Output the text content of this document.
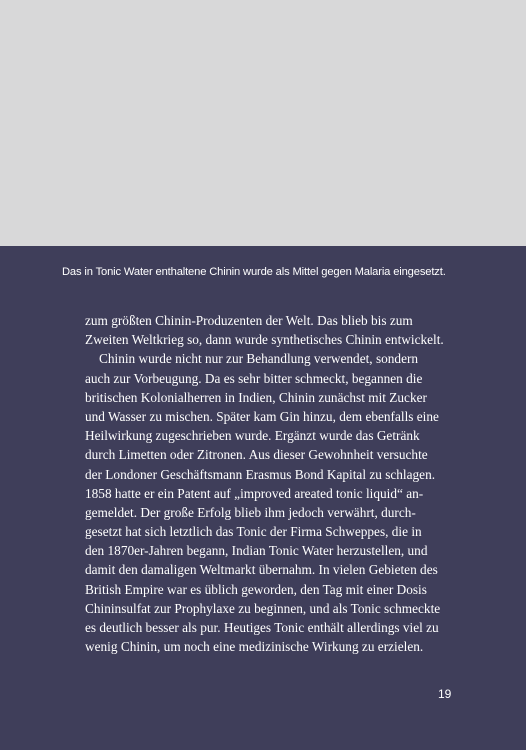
Das in Tonic Water enthaltene Chinin wurde als Mittel gegen Malaria eingesetzt.
zum größten Chinin-Produzenten der Welt. Das blieb bis zum
Zweiten Weltkrieg so, dann wurde synthetisches Chinin entwickelt.
Chinin wurde nicht nur zur Behandlung verwendet, sondern
auch zur Vorbeugung. Da es sehr bitter schmeckt, begannen die
britischen Kolonialherren in Indien, Chinin zunächst mit Zucker
und Wasser zu mischen. Später kam Gin hinzu, dem ebenfalls eine
Heilwirkung zugeschrieben wurde. Ergänzt wurde das Getränk
durch Limetten oder Zitronen. Aus dieser Gewohnheit versuchte
der Londoner Geschäftsmann Erasmus Bond Kapital zu schlagen.
1858 hatte er ein Patent auf „improved areated tonic liquid“ an-
gemeldet. Der große Erfolg blieb ihm jedoch verwährt, durch-
gesetzt hat sich letztlich das Tonic der Firma Schweppes, die in
den 1870er-Jahren begann, Indian Tonic Water herzustellen, und
damit den damaligen Weltmarkt übernahm. In vielen Gebieten des
British Empire war es üblich geworden, den Tag mit einer Dosis
Chininsulfat zur Prophylaxe zu beginnen, und als Tonic schmeckte
es deutlich besser als pur. Heutiges Tonic enthält allerdings viel zu
wenig Chinin, um noch eine medizinische Wirkung zu erzielen.
19
